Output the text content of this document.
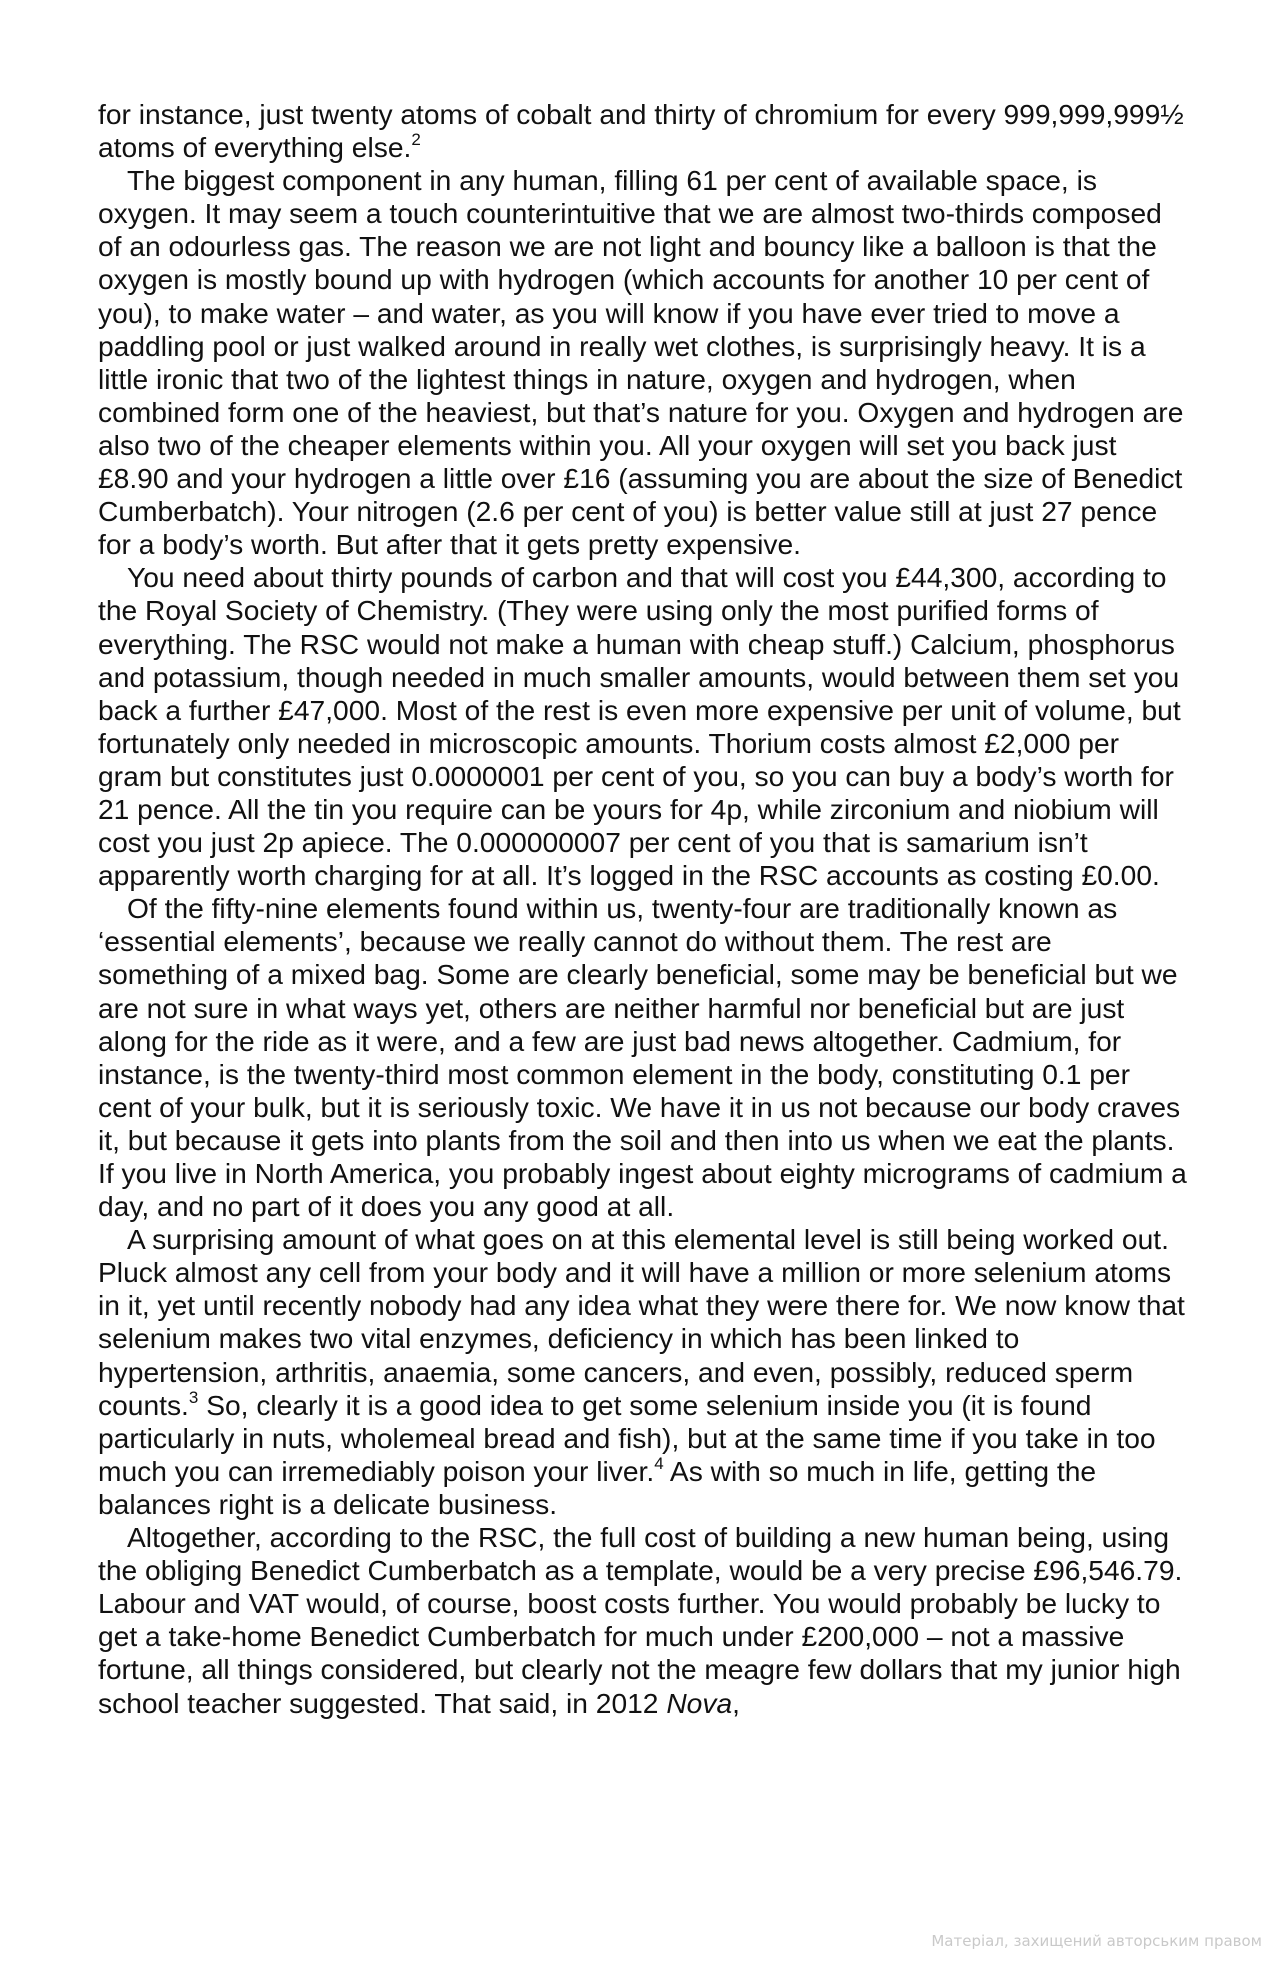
for instance, just twenty atoms of cobalt and thirty of chromium for every 999,999,999½ atoms of everything else.$^2$

The biggest component in any human, filling 61 per cent of available space, is oxygen. It may seem a touch counterintuitive that we are almost two-thirds composed of an odourless gas. The reason we are not light and bouncy like a balloon is that the oxygen is mostly bound up with hydrogen (which accounts for another 10 per cent of you), to make water – and water, as you will know if you have ever tried to move a paddling pool or just walked around in really wet clothes, is surprisingly heavy. It is a little ironic that two of the lightest things in nature, oxygen and hydrogen, when combined form one of the heaviest, but that’s nature for you. Oxygen and hydrogen are also two of the cheaper elements within you. All your oxygen will set you back just £8.90 and your hydrogen a little over £16 (assuming you are about the size of Benedict Cumberbatch). Your nitrogen (2.6 per cent of you) is better value still at just 27 pence for a body’s worth. But after that it gets pretty expensive.

You need about thirty pounds of carbon and that will cost you £44,300, according to the Royal Society of Chemistry. (They were using only the most purified forms of everything. The RSC would not make a human with cheap stuff.) Calcium, phosphorus and potassium, though needed in much smaller amounts, would between them set you back a further £47,000. Most of the rest is even more expensive per unit of volume, but fortunately only needed in microscopic amounts. Thorium costs almost £2,000 per gram but constitutes just 0.0000001 per cent of you, so you can buy a body’s worth for 21 pence. All the tin you require can be yours for 4p, while zirconium and niobium will cost you just 2p apiece. The 0.000000007 per cent of you that is samarium isn’t apparently worth charging for at all. It’s logged in the RSC accounts as costing £0.00.

Of the fifty-nine elements found within us, twenty-four are traditionally known as ‘essential elements’, because we really cannot do without them. The rest are something of a mixed bag. Some are clearly beneficial, some may be beneficial but we are not sure in what ways yet, others are neither harmful nor beneficial but are just along for the ride as it were, and a few are just bad news altogether. Cadmium, for instance, is the twenty-third most common element in the body, constituting 0.1 per cent of your bulk, but it is seriously toxic. We have it in us not because our body craves it, but because it gets into plants from the soil and then into us when we eat the plants. If you live in North America, you probably ingest about eighty micrograms of cadmium a day, and no part of it does you any good at all.

A surprising amount of what goes on at this elemental level is still being worked out. Pluck almost any cell from your body and it will have a million or more selenium atoms in it, yet until recently nobody had any idea what they were there for. We now know that selenium makes two vital enzymes, deficiency in which has been linked to hypertension, arthritis, anaemia, some cancers, and even, possibly, reduced sperm counts.$^3$ So, clearly it is a good idea to get some selenium inside you (it is found particularly in nuts, wholemeal bread and fish), but at the same time if you take in too much you can irremediably poison your liver.$^4$ As with so much in life, getting the balances right is a delicate business.

Altogether, according to the RSC, the full cost of building a new human being, using the obliging Benedict Cumberbatch as a template, would be a very precise £96,546.79. Labour and VAT would, of course, boost costs further. You would probably be lucky to get a take-home Benedict Cumberbatch for much under £200,000 – not a massive fortune, all things considered, but clearly not the meagre few dollars that my junior high school teacher suggested. That said, in 2012 Nova,

Матеріал, захищений авторським правом
